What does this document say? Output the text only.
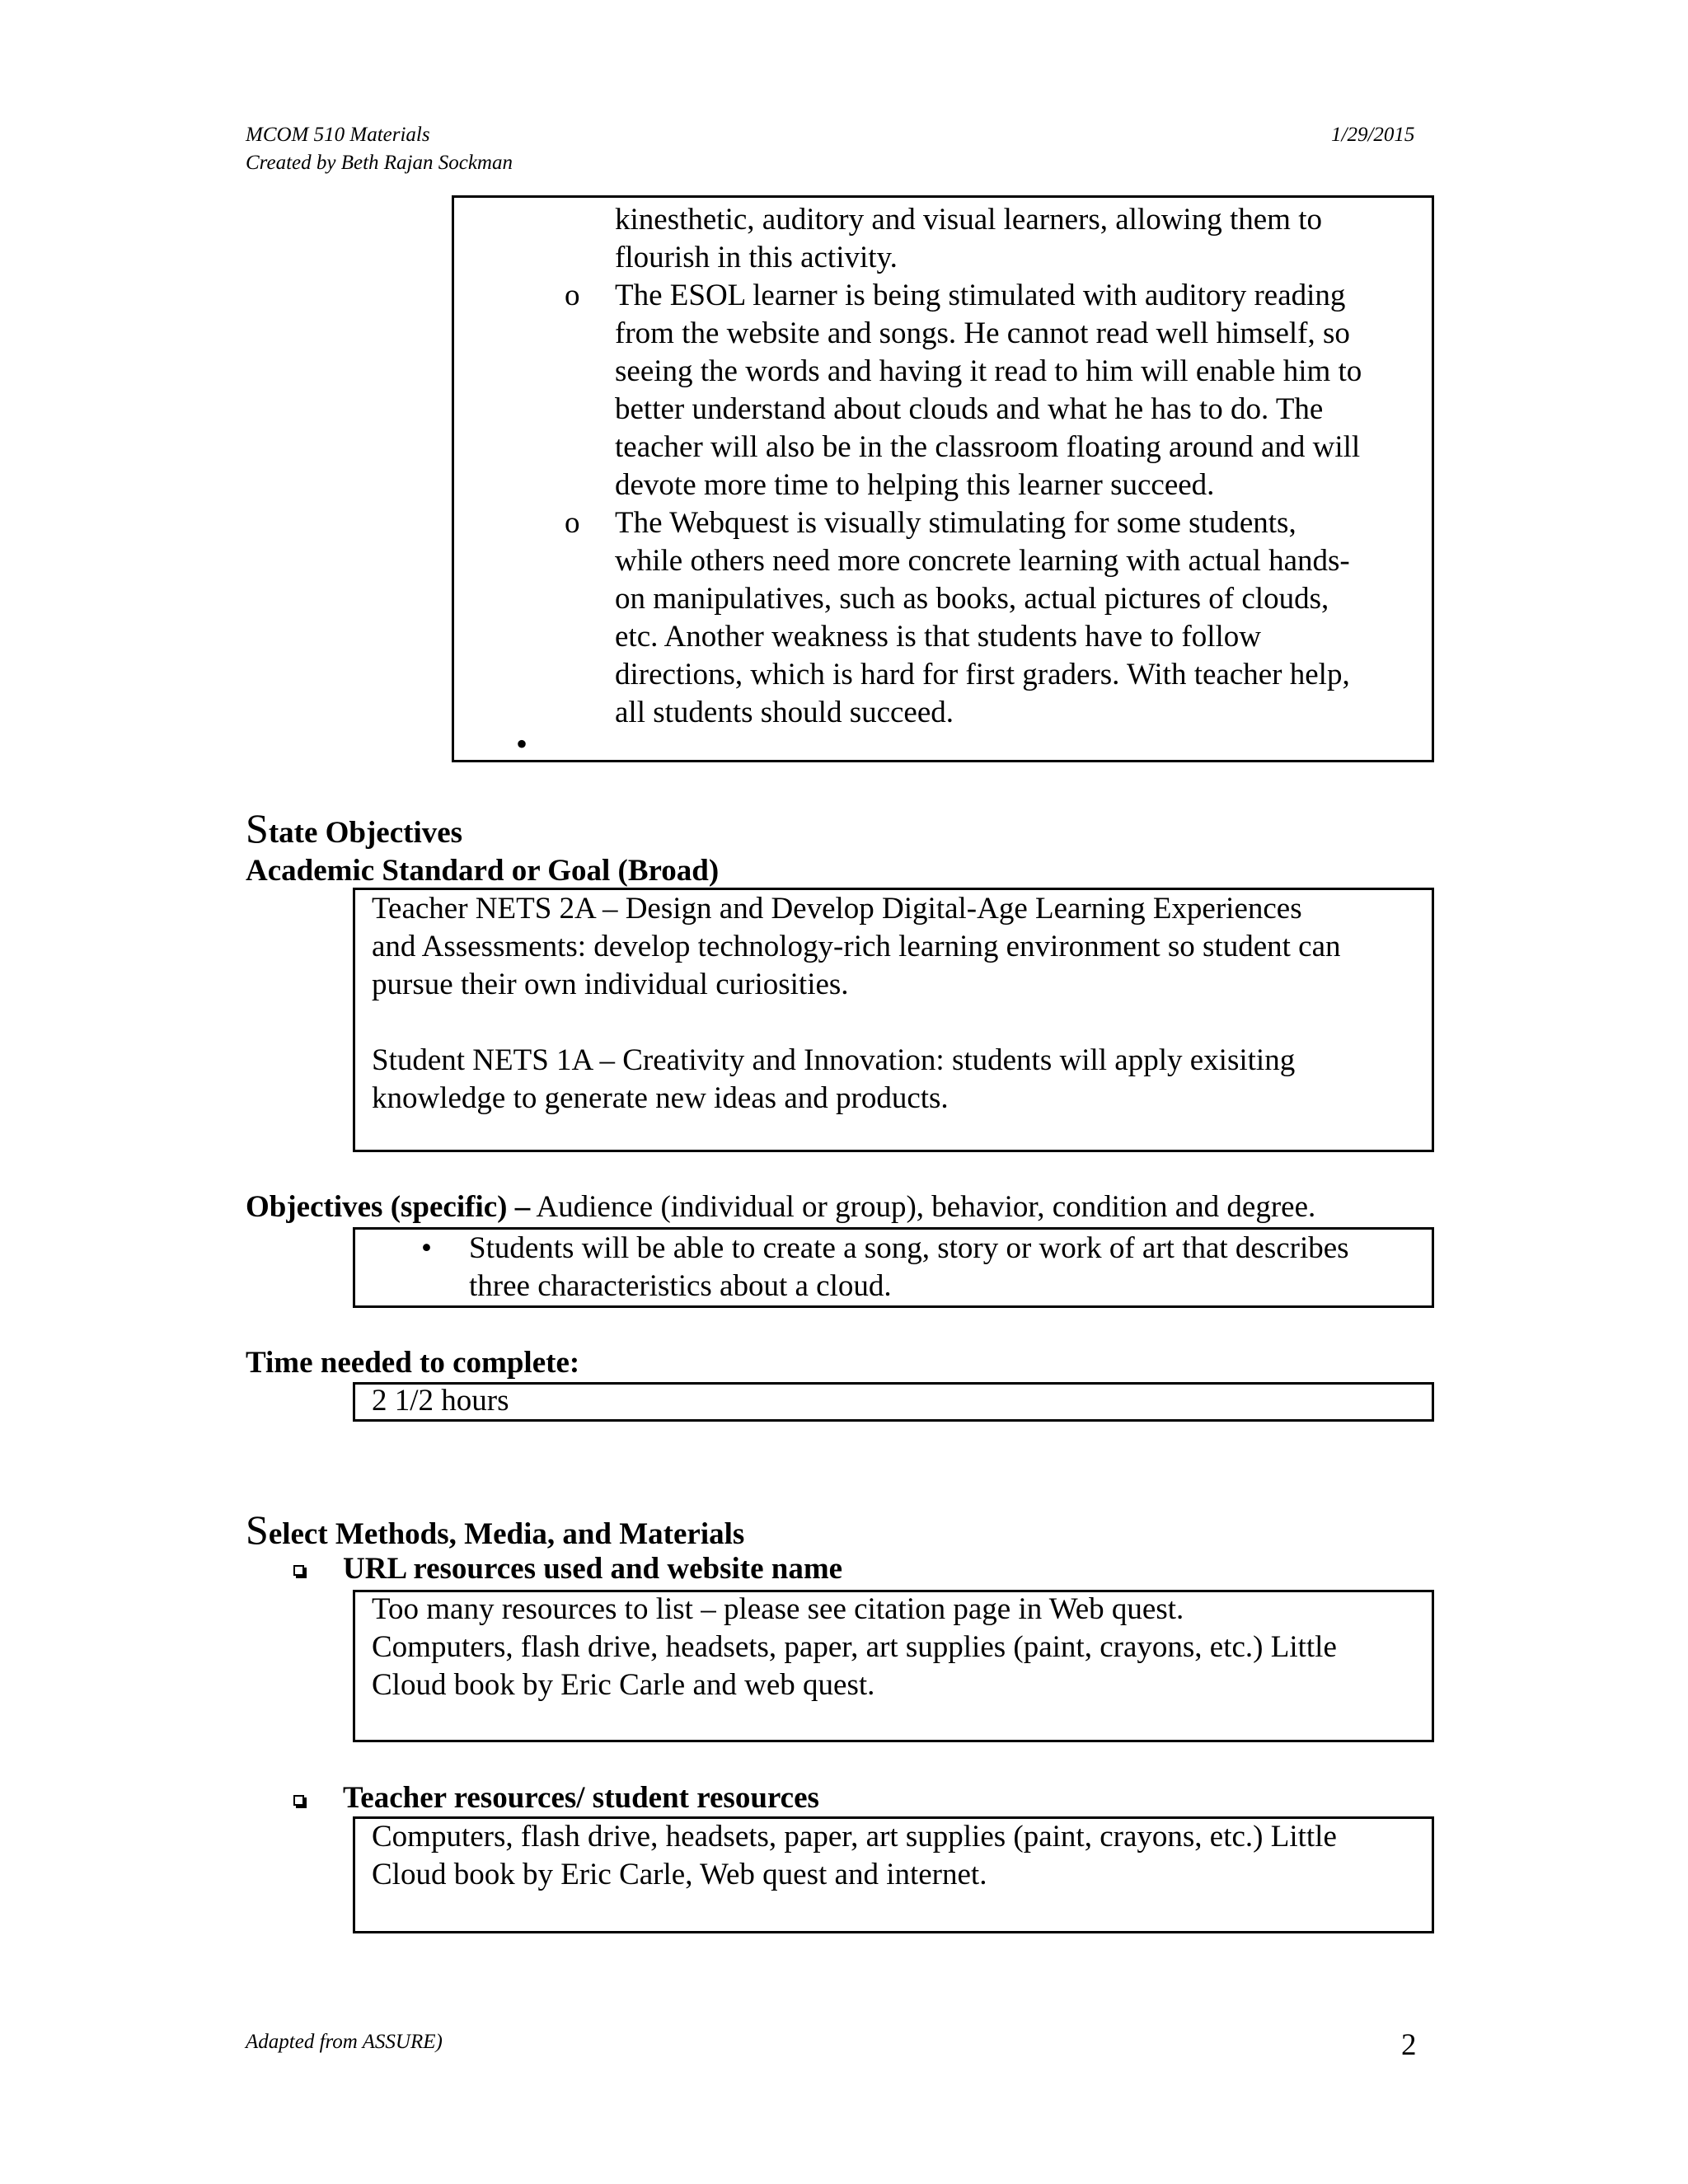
MCOM 510 Materials	1/29/2015
Created by Beth Rajan Sockman
kinesthetic, auditory and visual learners, allowing them to
flourish in this activity.
o The ESOL learner is being stimulated with auditory reading
from the website and songs. He cannot read well himself, so
seeing the words and having it read to him will enable him to
better understand about clouds and what he has to do. The
teacher will also be in the classroom floating around and will
devote more time to helping this learner succeed.
o The Webquest is visually stimulating for some students,
while others need more concrete learning with actual hands-
on manipulatives, such as books, actual pictures of clouds,
etc. Another weakness is that students have to follow
directions, which is hard for first graders. With teacher help,
all students should succeed.
•
State Objectives
Academic Standard or Goal (Broad)
Teacher NETS 2A – Design and Develop Digital-Age Learning Experiences
and Assessments: develop technology-rich learning environment so student can
pursue their own individual curiosities.
Student NETS 1A – Creativity and Innovation: students will apply exisiting
knowledge to generate new ideas and products.
Objectives (specific) – Audience (individual or group), behavior, condition and degree.
• Students will be able to create a song, story or work of art that describes
three characteristics about a cloud.
Time needed to complete:
2 1/2 hours
Select Methods, Media, and Materials
URL resources used and website name
Too many resources to list – please see citation page in Web quest.
Computers, flash drive, headsets, paper, art supplies (paint, crayons, etc.) Little
Cloud book by Eric Carle and web quest.
Teacher resources/ student resources
Computers, flash drive, headsets, paper, art supplies (paint, crayons, etc.) Little
Cloud book by Eric Carle, Web quest and internet.
Adapted from ASSURE)	2
